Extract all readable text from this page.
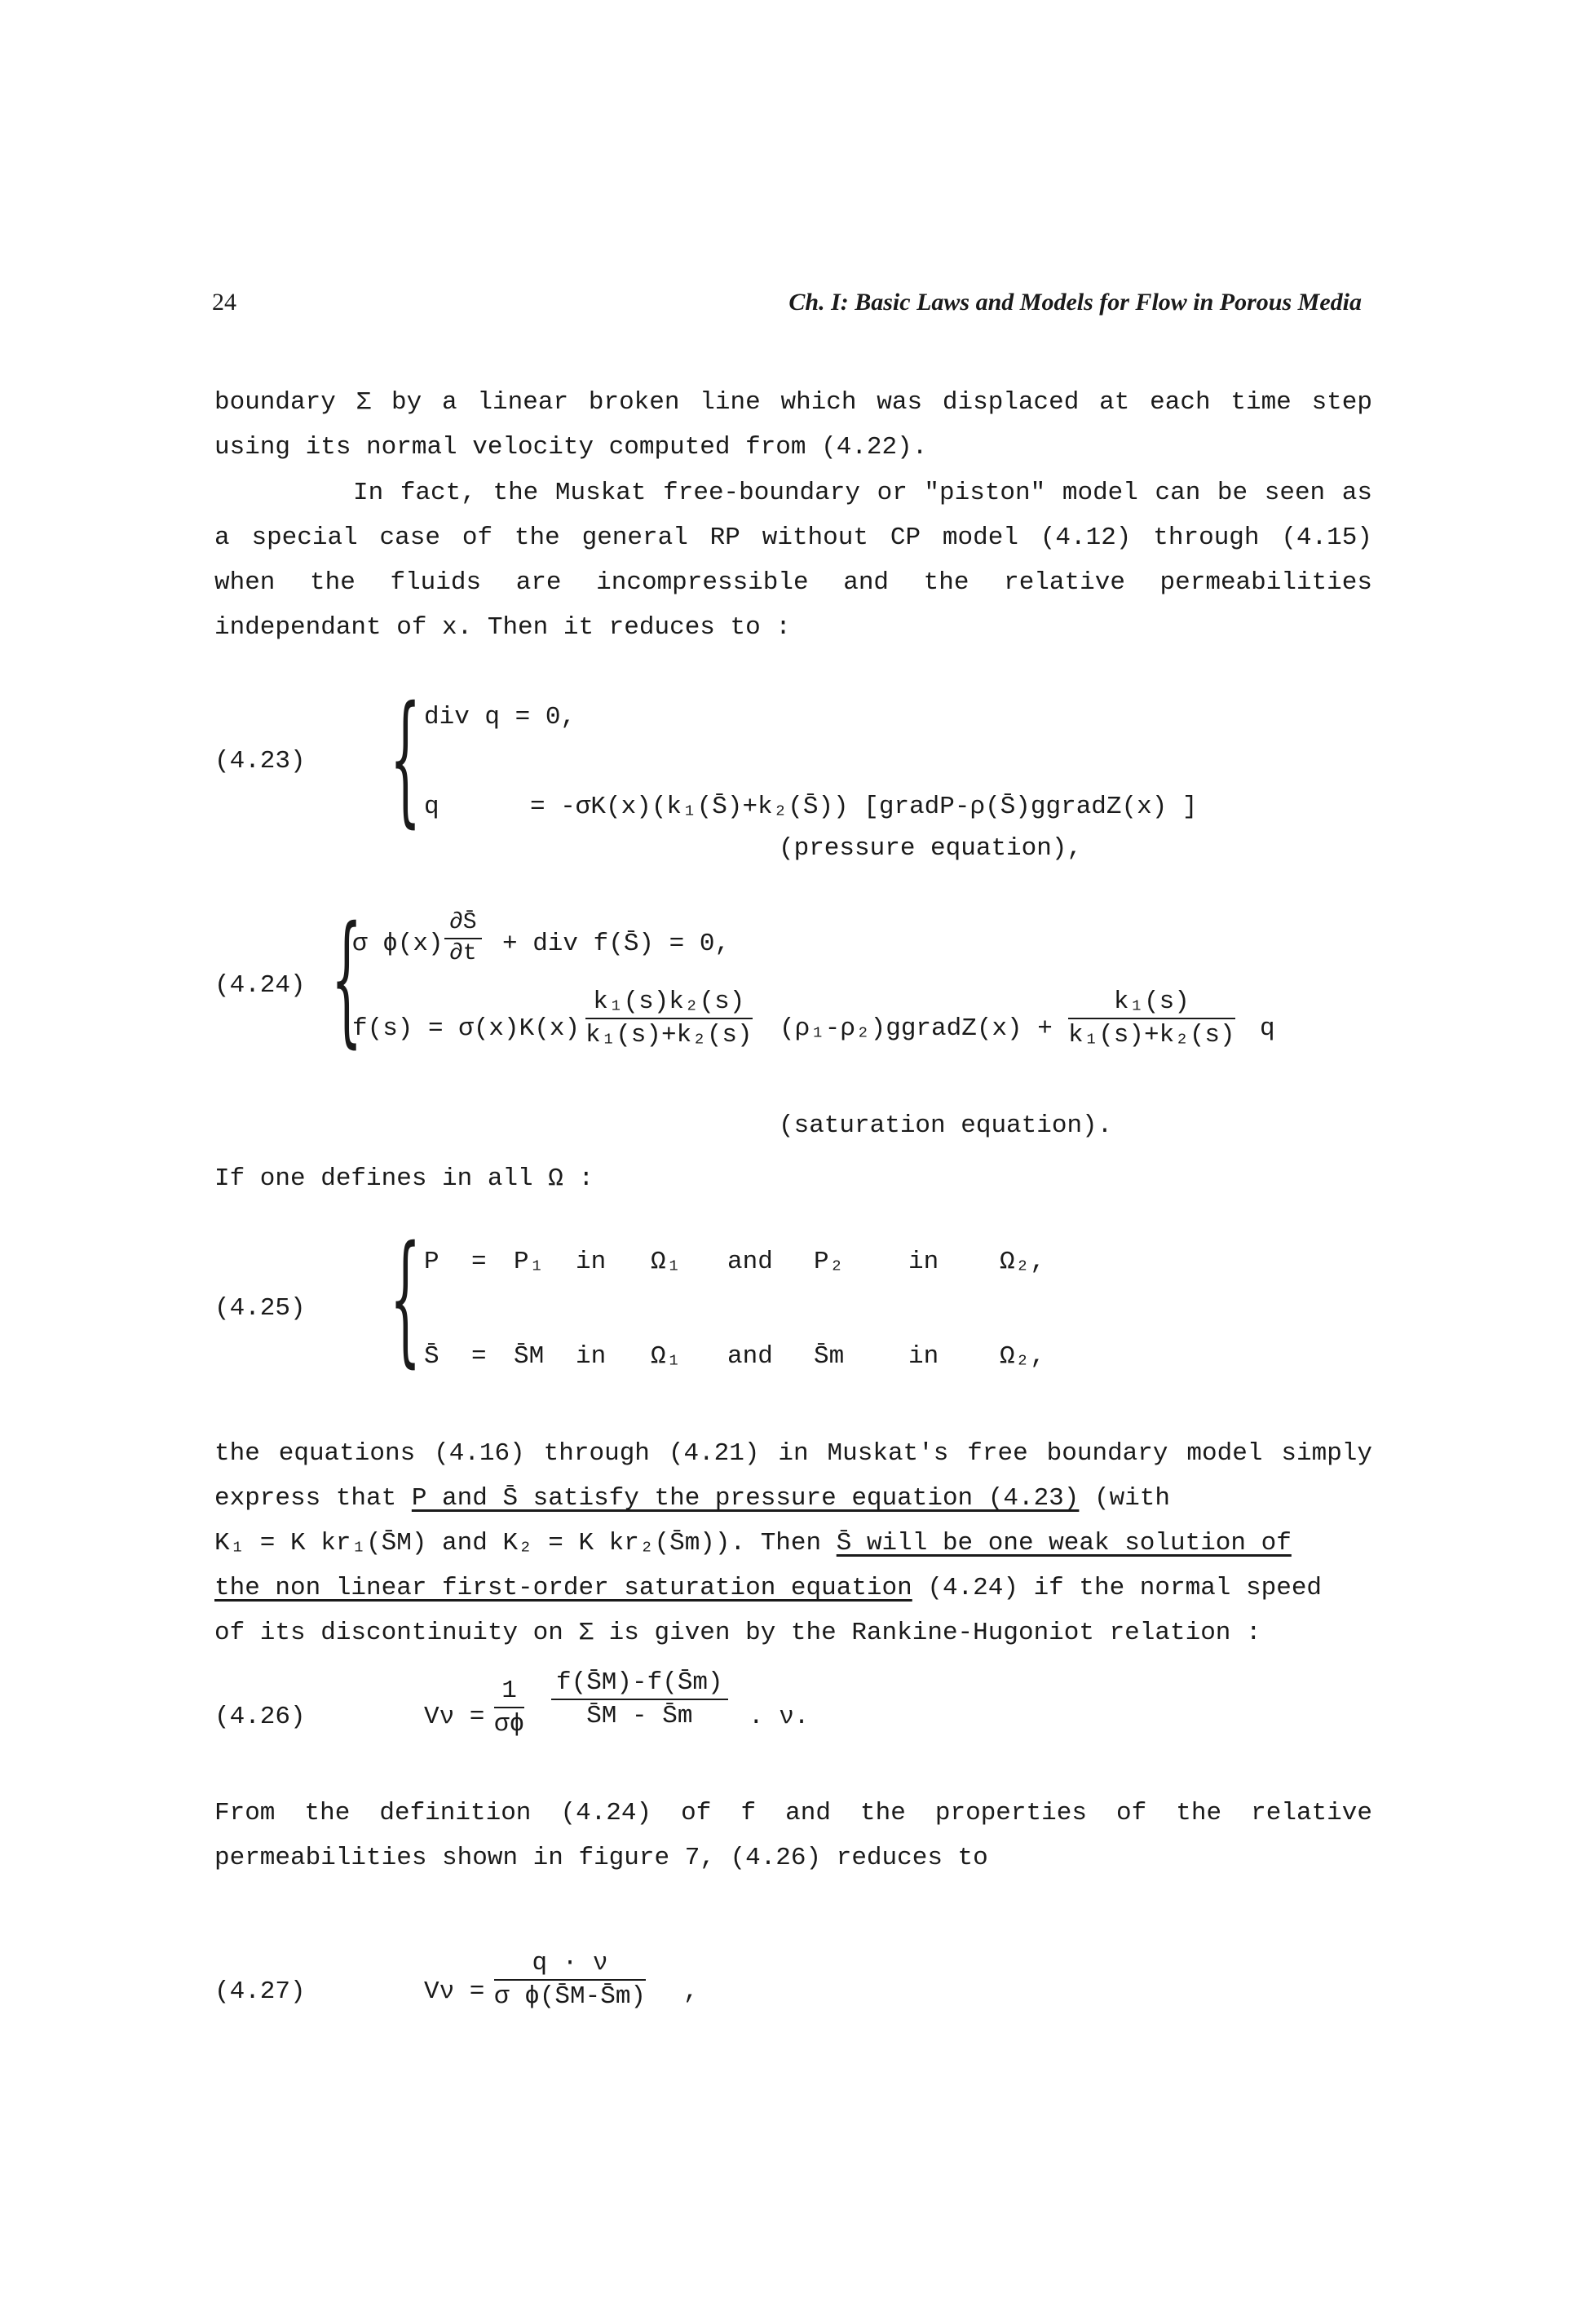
24	Ch. I: Basic Laws and Models for Flow in Porous Media
boundary Σ by a linear broken line which was displaced at each time step
using its normal velocity computed from (4.22).
In fact, the Muskat free-boundary or "piston" model can be seen as
a special case of the general RP without CP model (4.12) through (4.15)
when the fluids are incompressible and the relative permeabilities
independant of x. Then it reduces to :
(4.23) { div q = 0,
q	= -σK(x)(k₁(S̄)+k₂(S̄)) [gradP-ρ(S̄)ggradZ(x) ]
(pressure equation),
(4.24) {
σ $\phi(x) \frac{\partial S̄}{\partial t}$ + div f(S̄) = 0,
$f(s) = \sigma(x)K(x) \frac{\text{k₁(s)k₂(s)}}{\text{k₁(s)+k₂(s)}}$ (ρ₁-ρ₂)ggradZ(x) + $\frac{\text{k₁(s)}}{\text{k₁(s)+k₂(s)}}$ q
(saturation equation).
If one defines in all Ω :
(4.25) { P = P₁ in Ω₁ and P₂	in Ω₂,
S̄ = S̄M in Ω₁ and S̄m	in Ω₂,
the equations (4.16) through (4.21) in Muskat's free boundary model simply
express that P and S̄ satisfy the pressure equation (4.23) (with
K₁ = K kr₁(S̄M) and K₂ = K kr₂(S̄m)). Then S̄ will be one weak solution of
the non linear first-order saturation equation (4.24) if the normal speed
of its discontinuity on Σ is given by the Rankine-Hugoniot relation :
(4.26)	$V\nu = \frac{1}{\sigma\phi} \frac{f(S̄M)-f(S̄m)}{S̄M - S̄m}$ . ν.
From the definition (4.24) of f and the properties of the relative
permeabilities shown in figure 7, (4.26) reduces to
(4.27)	$V\nu = \frac{q \cdot \nu}{\text{σ ϕ(S̄M-S̄m)}}$ ,
